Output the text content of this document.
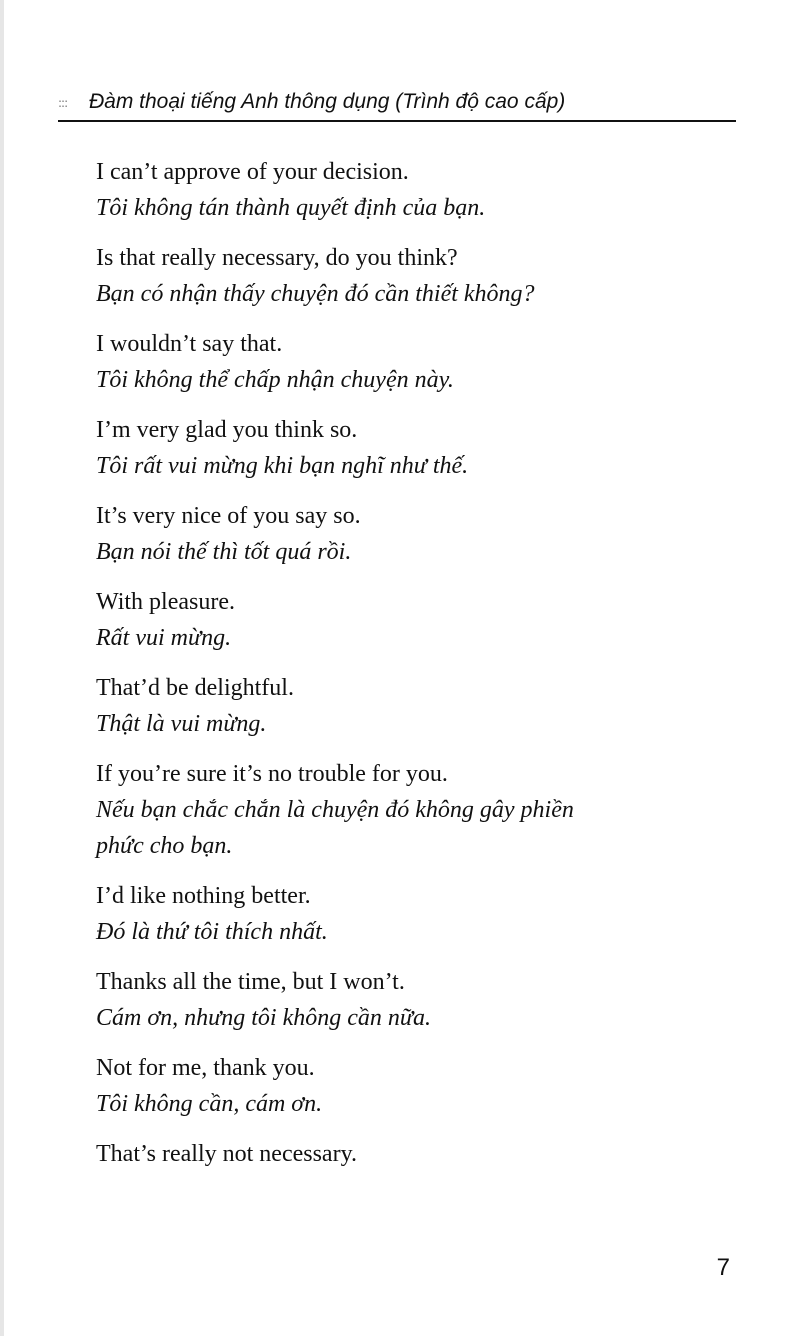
:::	Đàm thoại tiếng Anh thông dụng (Trình độ cao cấp)
I can’t approve of your decision.
Tôi không tán thành quyết định của bạn.
Is that really necessary, do you think?
Bạn có nhận thấy chuyện đó cần thiết không?
I wouldn’t say that.
Tôi không thể chấp nhận chuyện này.
I’m very glad you think so.
Tôi rất vui mừng khi bạn nghĩ như thế.
It’s very nice of you say so.
Bạn nói thế thì tốt quá rồi.
With pleasure.
Rất vui mừng.
That’d be delightful.
Thật là vui mừng.
If you’re sure it’s no trouble for you.
Nếu bạn chắc chắn là chuyện đó không gây phiền
phức cho bạn.
I’d like nothing better.
Đó là thứ tôi thích nhất.
Thanks all the time, but I won’t.
Cám ơn, nhưng tôi không cần nữa.
Not for me, thank you.
Tôi không cần, cám ơn.
That’s really not necessary.
7
